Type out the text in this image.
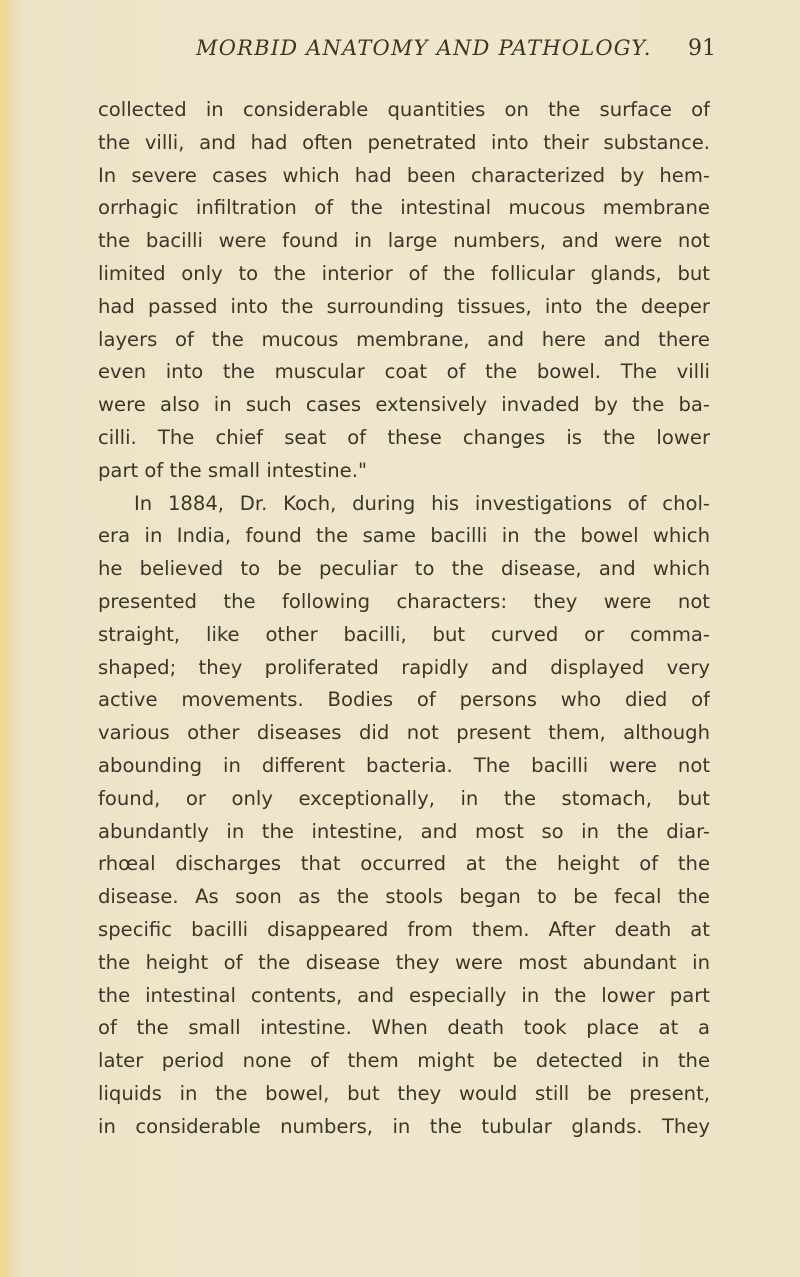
MORBID ANATOMY AND PATHOLOGY. 91
collected in considerable quantities on the surface of
the villi, and had often penetrated into their substance.
In severe cases which had been characterized by hem-
orrhagic infiltration of the intestinal mucous membrane
the bacilli were found in large numbers, and were not
limited only to the interior of the follicular glands, but
had passed into the surrounding tissues, into the deeper
layers of the mucous membrane, and here and there
even into the muscular coat of the bowel. The villi
were also in such cases extensively invaded by the ba-
cilli. The chief seat of these changes is the lower
part of the small intestine."
In 1884, Dr. Koch, during his investigations of chol-
era in India, found the same bacilli in the bowel which
he believed to be peculiar to the disease, and which
presented the following characters: they were not
straight, like other bacilli, but curved or comma-
shaped; they proliferated rapidly and displayed very
active movements. Bodies of persons who died of
various other diseases did not present them, although
abounding in different bacteria. The bacilli were not
found, or only exceptionally, in the stomach, but
abundantly in the intestine, and most so in the diar-
rhœal discharges that occurred at the height of the
disease. As soon as the stools began to be fecal the
specific bacilli disappeared from them. After death at
the height of the disease they were most abundant in
the intestinal contents, and especially in the lower part
of the small intestine. When death took place at a
later period none of them might be detected in the
liquids in the bowel, but they would still be present,
in considerable numbers, in the tubular glands. They
